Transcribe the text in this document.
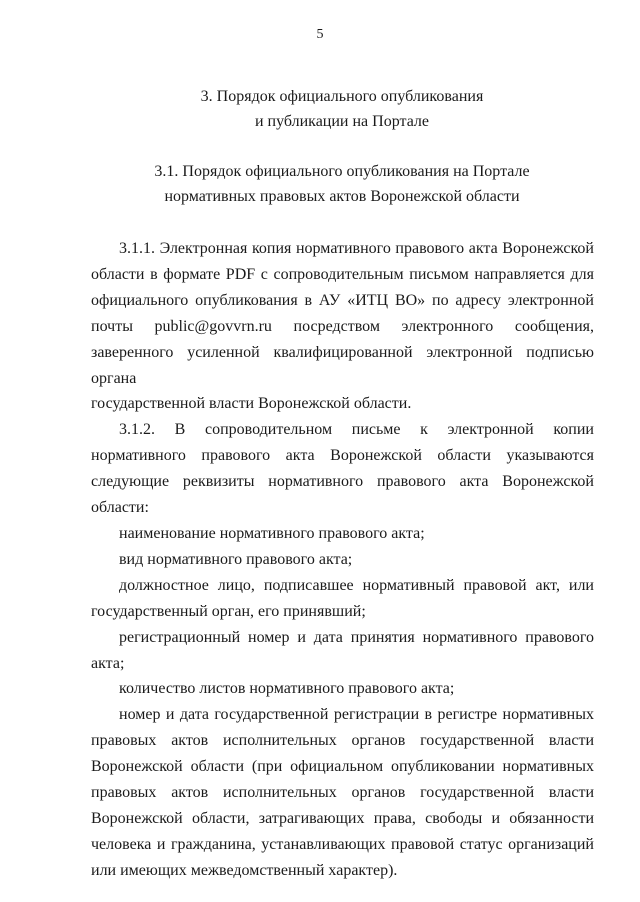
5
3. Порядок официального опубликования
и публикации на Портале
3.1. Порядок официального опубликования на Портале
нормативных правовых актов Воронежской области

3.1.1. Электронная копия нормативного правового акта Воронежской области в формате PDF с сопроводительным письмом направляется для официального опубликования в АУ «ИТЦ ВО» по адресу электронной почты public@govvrn.ru посредством электронного сообщения, заверенного усиленной квалифицированной электронной подписью органа

государственной власти Воронежской области.

3.1.2. В сопроводительном письме к электронной копии нормативного правового акта Воронежской области указываются следующие реквизиты нормативного правового акта Воронежской области:

наименование нормативного правового акта;

вид нормативного правового акта;

должностное лицо, подписавшее нормативный правовой акт, или государственный орган, его принявший;

регистрационный номер и дата принятия нормативного правового акта;

количество листов нормативного правового акта;

номер и дата государственной регистрации в регистре нормативных правовых актов исполнительных органов государственной власти Воронежской области (при официальном опубликовании нормативных правовых актов исполнительных органов государственной власти Воронежской области, затрагивающих права, свободы и обязанности человека и гражданина, устанавливающих правовой статус организаций или имеющих межведомственный характер).
